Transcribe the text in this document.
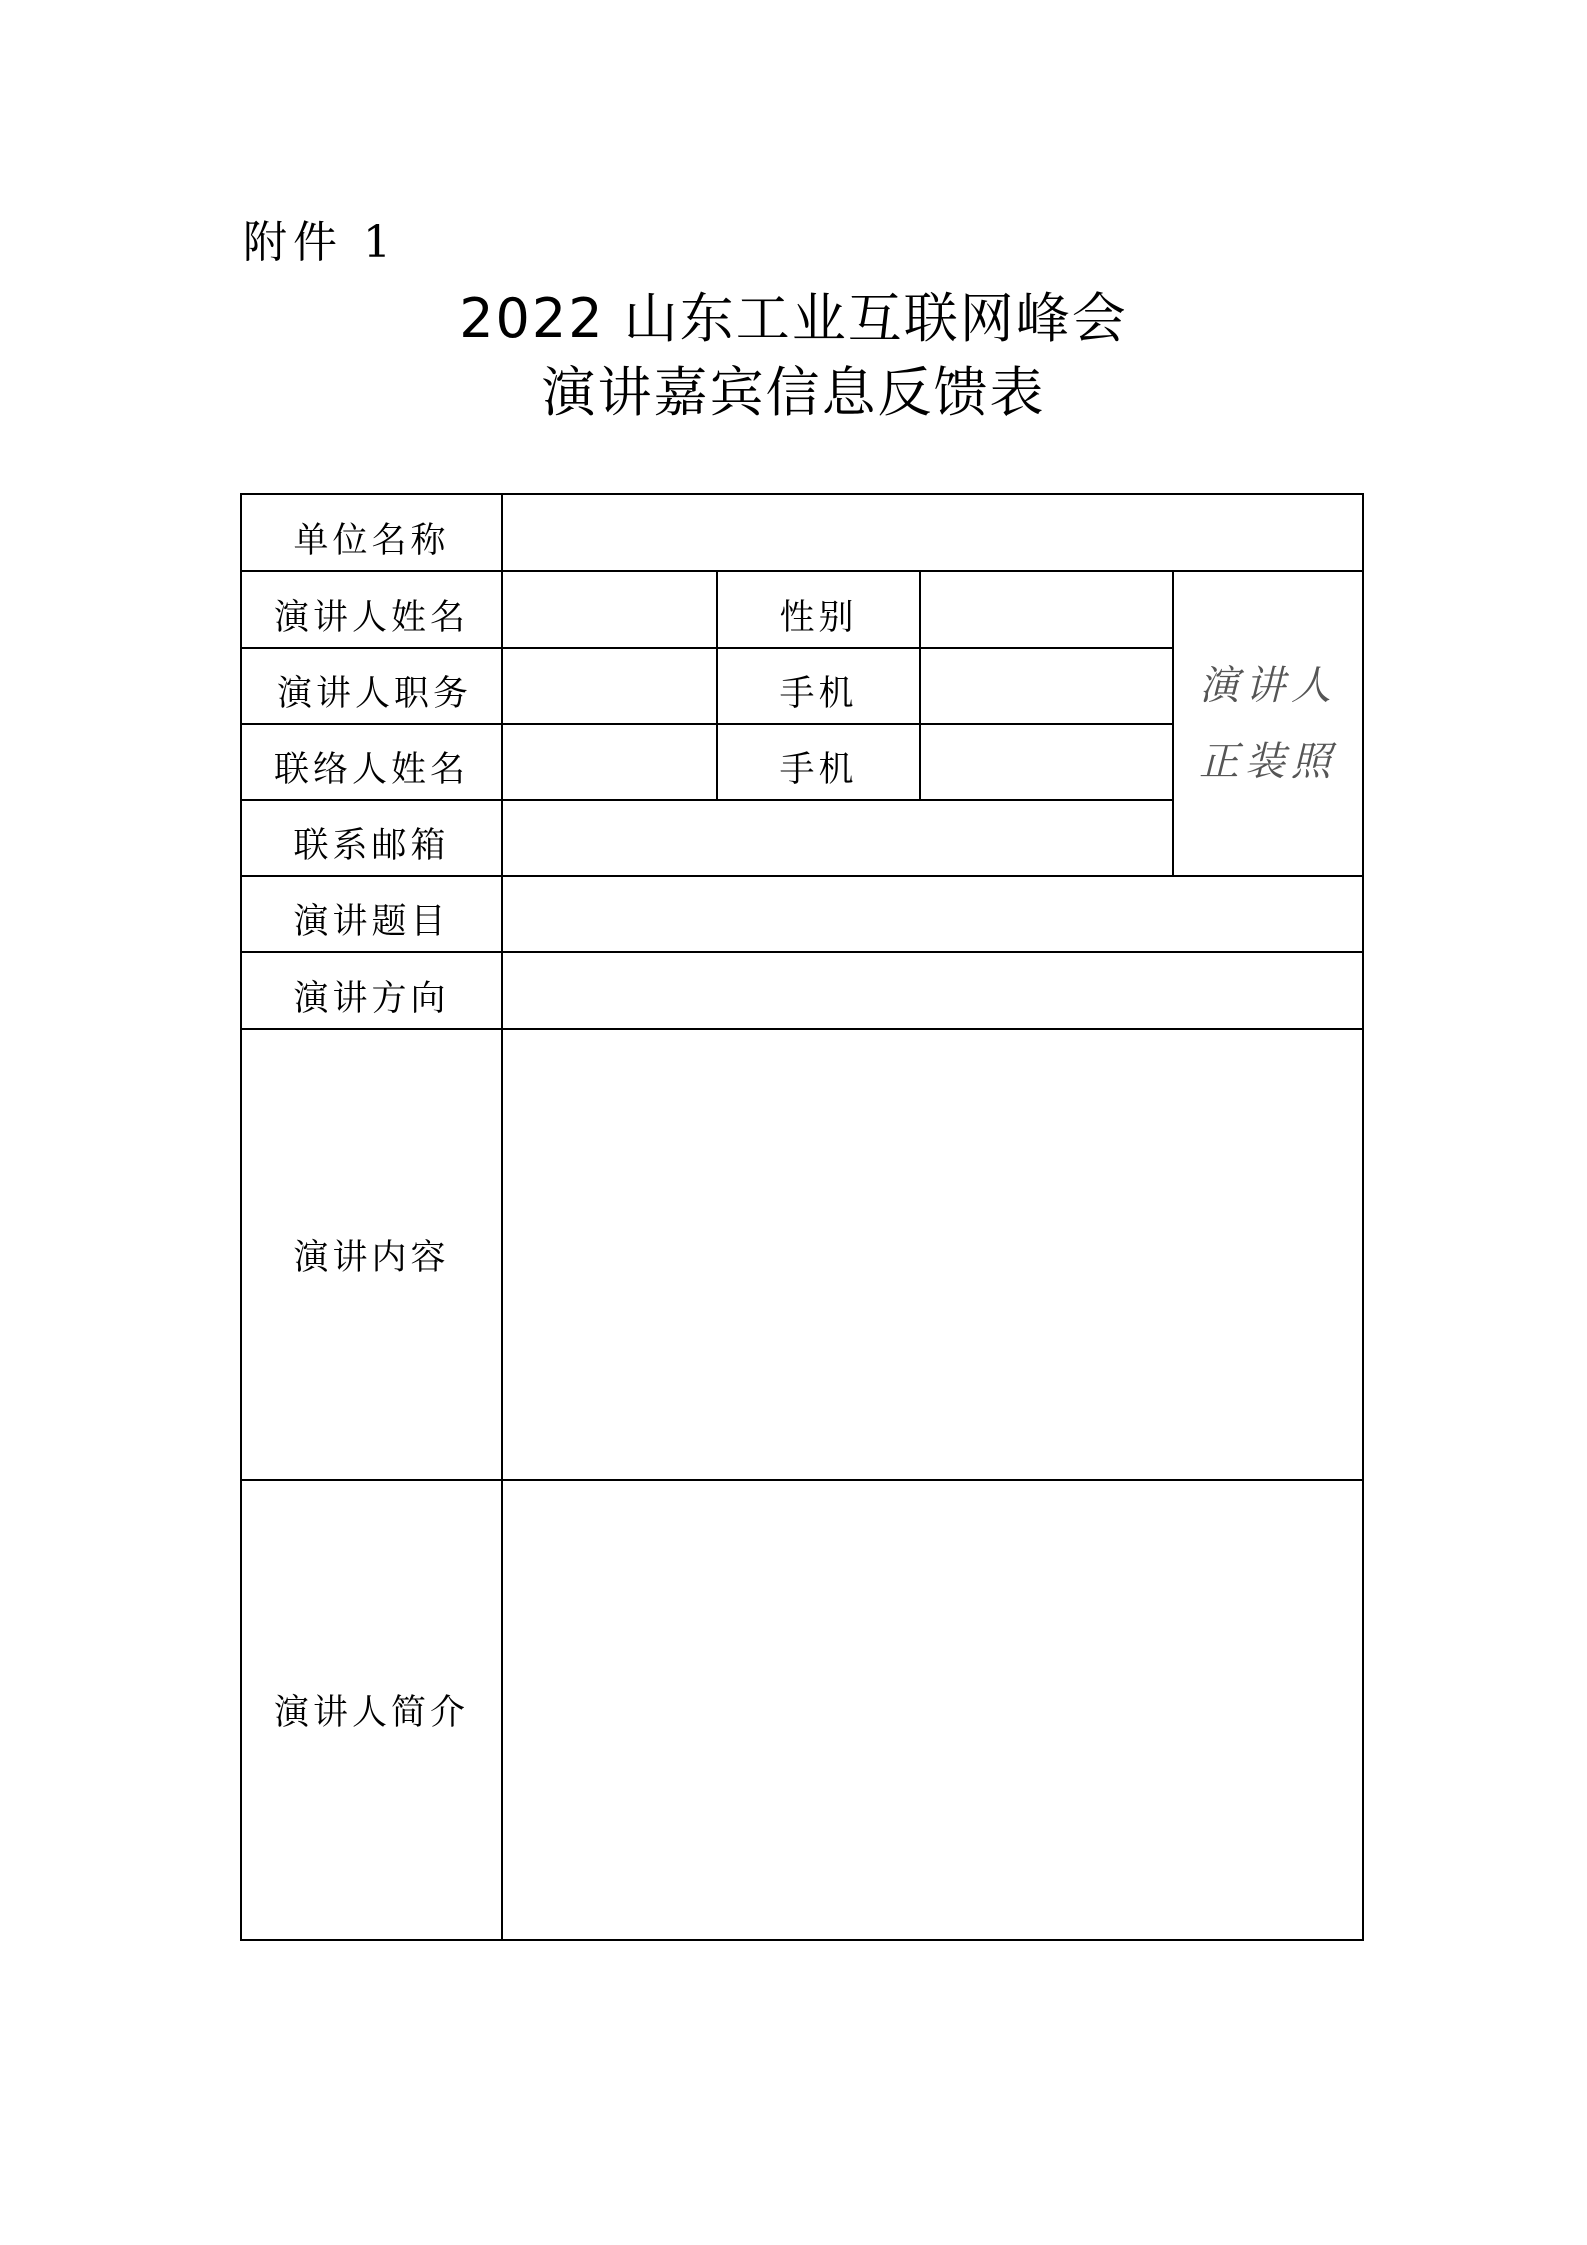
附件 1
2022 山东工业互联网峰会
演讲嘉宾信息反馈表
单位名称
演讲人姓名	性别
演讲人职务	手机
联络人姓名	手机
联系邮箱
演讲人
正装照
演讲题目
演讲方向
演讲内容
演讲人简介
